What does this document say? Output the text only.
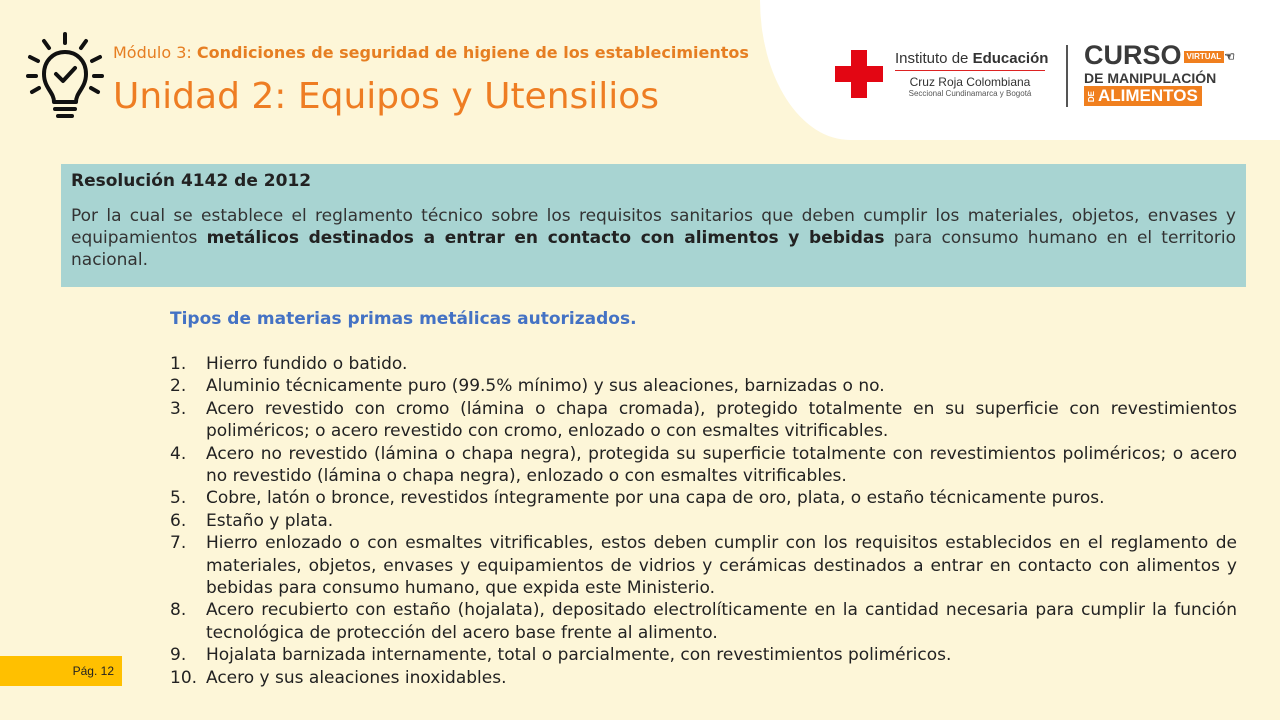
Módulo 3: Condiciones de seguridad de higiene de los establecimientos
Unidad 2: Equipos y Utensilios
Instituto de Educación
Cruz Roja Colombiana
Seccional Cundinamarca y Bogotá
CURSO VIRTUAL ☜
DE MANIPULACIÓN
DE ALIMENTOS
Resolución 4142 de 2012

Por la cual se establece el reglamento técnico sobre los requisitos sanitarios que deben cumplir los materiales, objetos, envases y equipamientos metálicos destinados a entrar en contacto con alimentos y bebidas para consumo humano en el territorio nacional.

Tipos de materias primas metálicas autorizados.
1. Hierro fundido o batido.
2. Aluminio técnicamente puro (99.5% mínimo) y sus aleaciones, barnizadas o no.
3. Acero revestido con cromo (lámina o chapa cromada), protegido totalmente en su superficie con revestimientos poliméricos; o acero revestido con cromo, enlozado o con esmaltes vitrificables.
4. Acero no revestido (lámina o chapa negra), protegida su superficie totalmente con revestimientos poliméricos; o acero no revestido (lámina o chapa negra), enlozado o con esmaltes vitrificables.
5. Cobre, latón o bronce, revestidos íntegramente por una capa de oro, plata, o estaño técnicamente puros.
6. Estaño y plata.
7. Hierro enlozado o con esmaltes vitrificables, estos deben cumplir con los requisitos establecidos en el reglamento de materiales, objetos, envases y equipamientos de vidrios y cerámicas destinados a entrar en contacto con alimentos y bebidas para consumo humano, que expida este Ministerio.
8. Acero recubierto con estaño (hojalata), depositado electrolíticamente en la cantidad necesaria para cumplir la función tecnológica de protección del acero base frente al alimento.
9. Hojalata barnizada internamente, total o parcialmente, con revestimientos poliméricos.
10. Acero y sus aleaciones inoxidables.
Pág. 12
